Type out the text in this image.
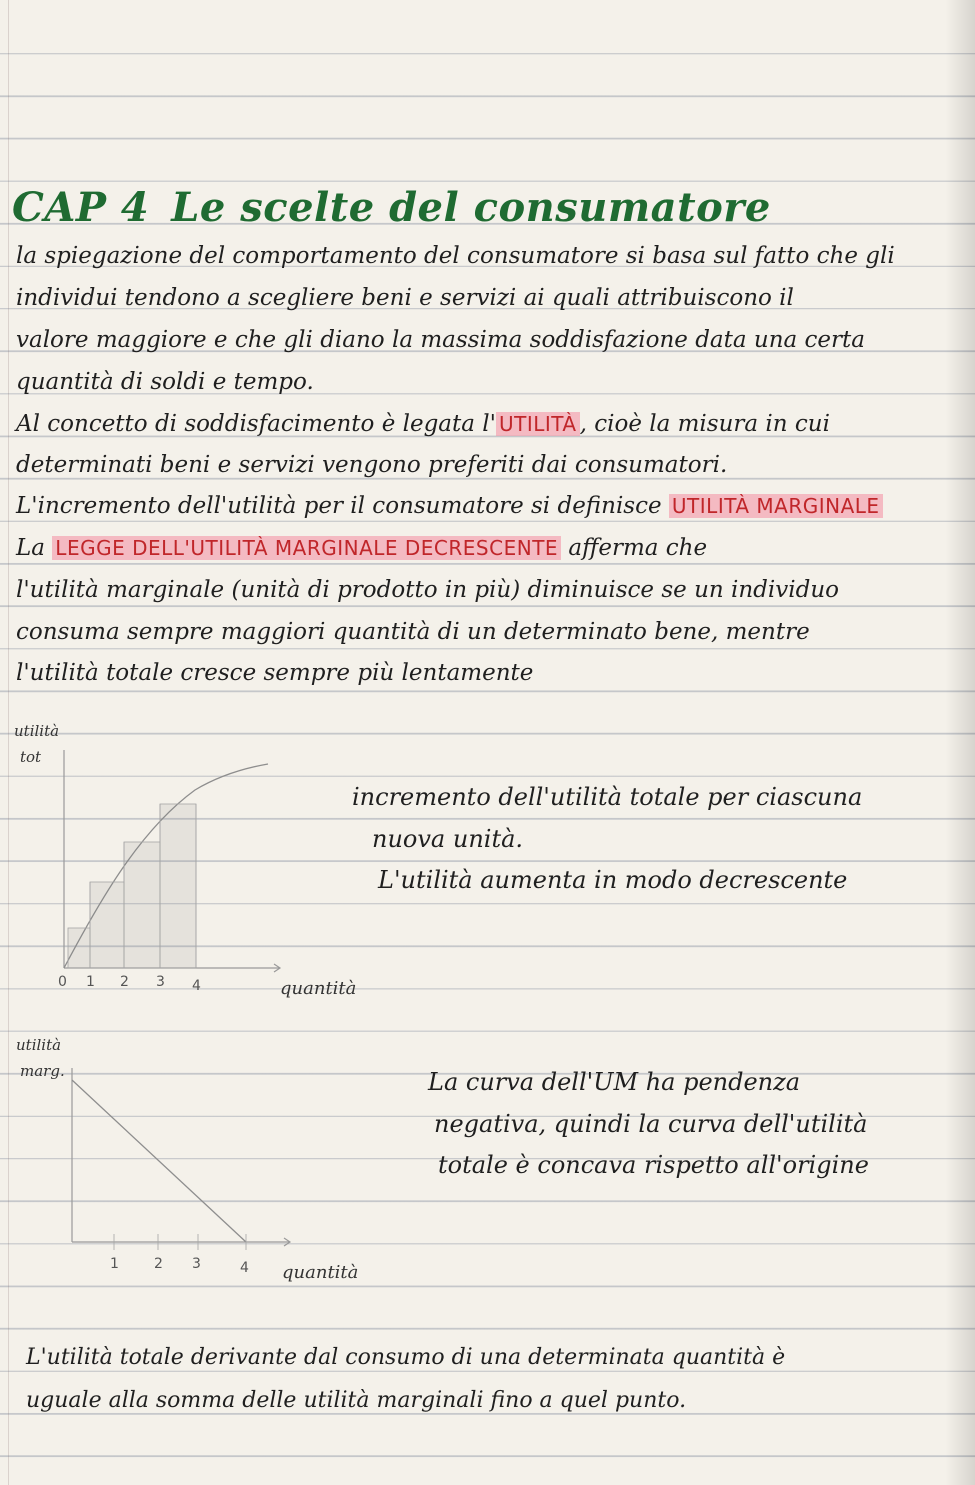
CAP 4 Le scelte del consumatore

la spiegazione del comportamento del consumatore si basa sul fatto che gli

individui tendono a scegliere beni e servizi ai quali attribuiscono il

valore maggiore e che gli diano la massima soddisfazione data una certa

quantità di soldi e tempo.

Al concetto di soddisfacimento è legata l' UTILITÀ , cioè la misura in cui

determinati beni e servizi vengono preferiti dai consumatori.

L'incremento dell'utilità per il consumatore si definisce UTILITÀ MARGINALE

La LEGGE DELL'UTILITÀ MARGINALE DECRESCENTE afferma che

l'utilità marginale (unità di prodotto in più) diminuisce se un individuo

consuma sempre maggiori quantità di un determinato bene, mentre

l'utilità totale cresce sempre più lentamente

utilità
tot
0 1 2 3 4	quantità

incremento dell'utilità totale per ciascuna

nuova unità.

L'utilità aumenta in modo decrescente

utilità
marg.
1	2 3	4 quantità

La curva dell'UM ha pendenza

negativa, quindi la curva dell'utilità

totale è concava rispetto all'origine

L'utilità totale derivante dal consumo di una determinata quantità è

uguale alla somma delle utilità marginali fino a quel punto.
